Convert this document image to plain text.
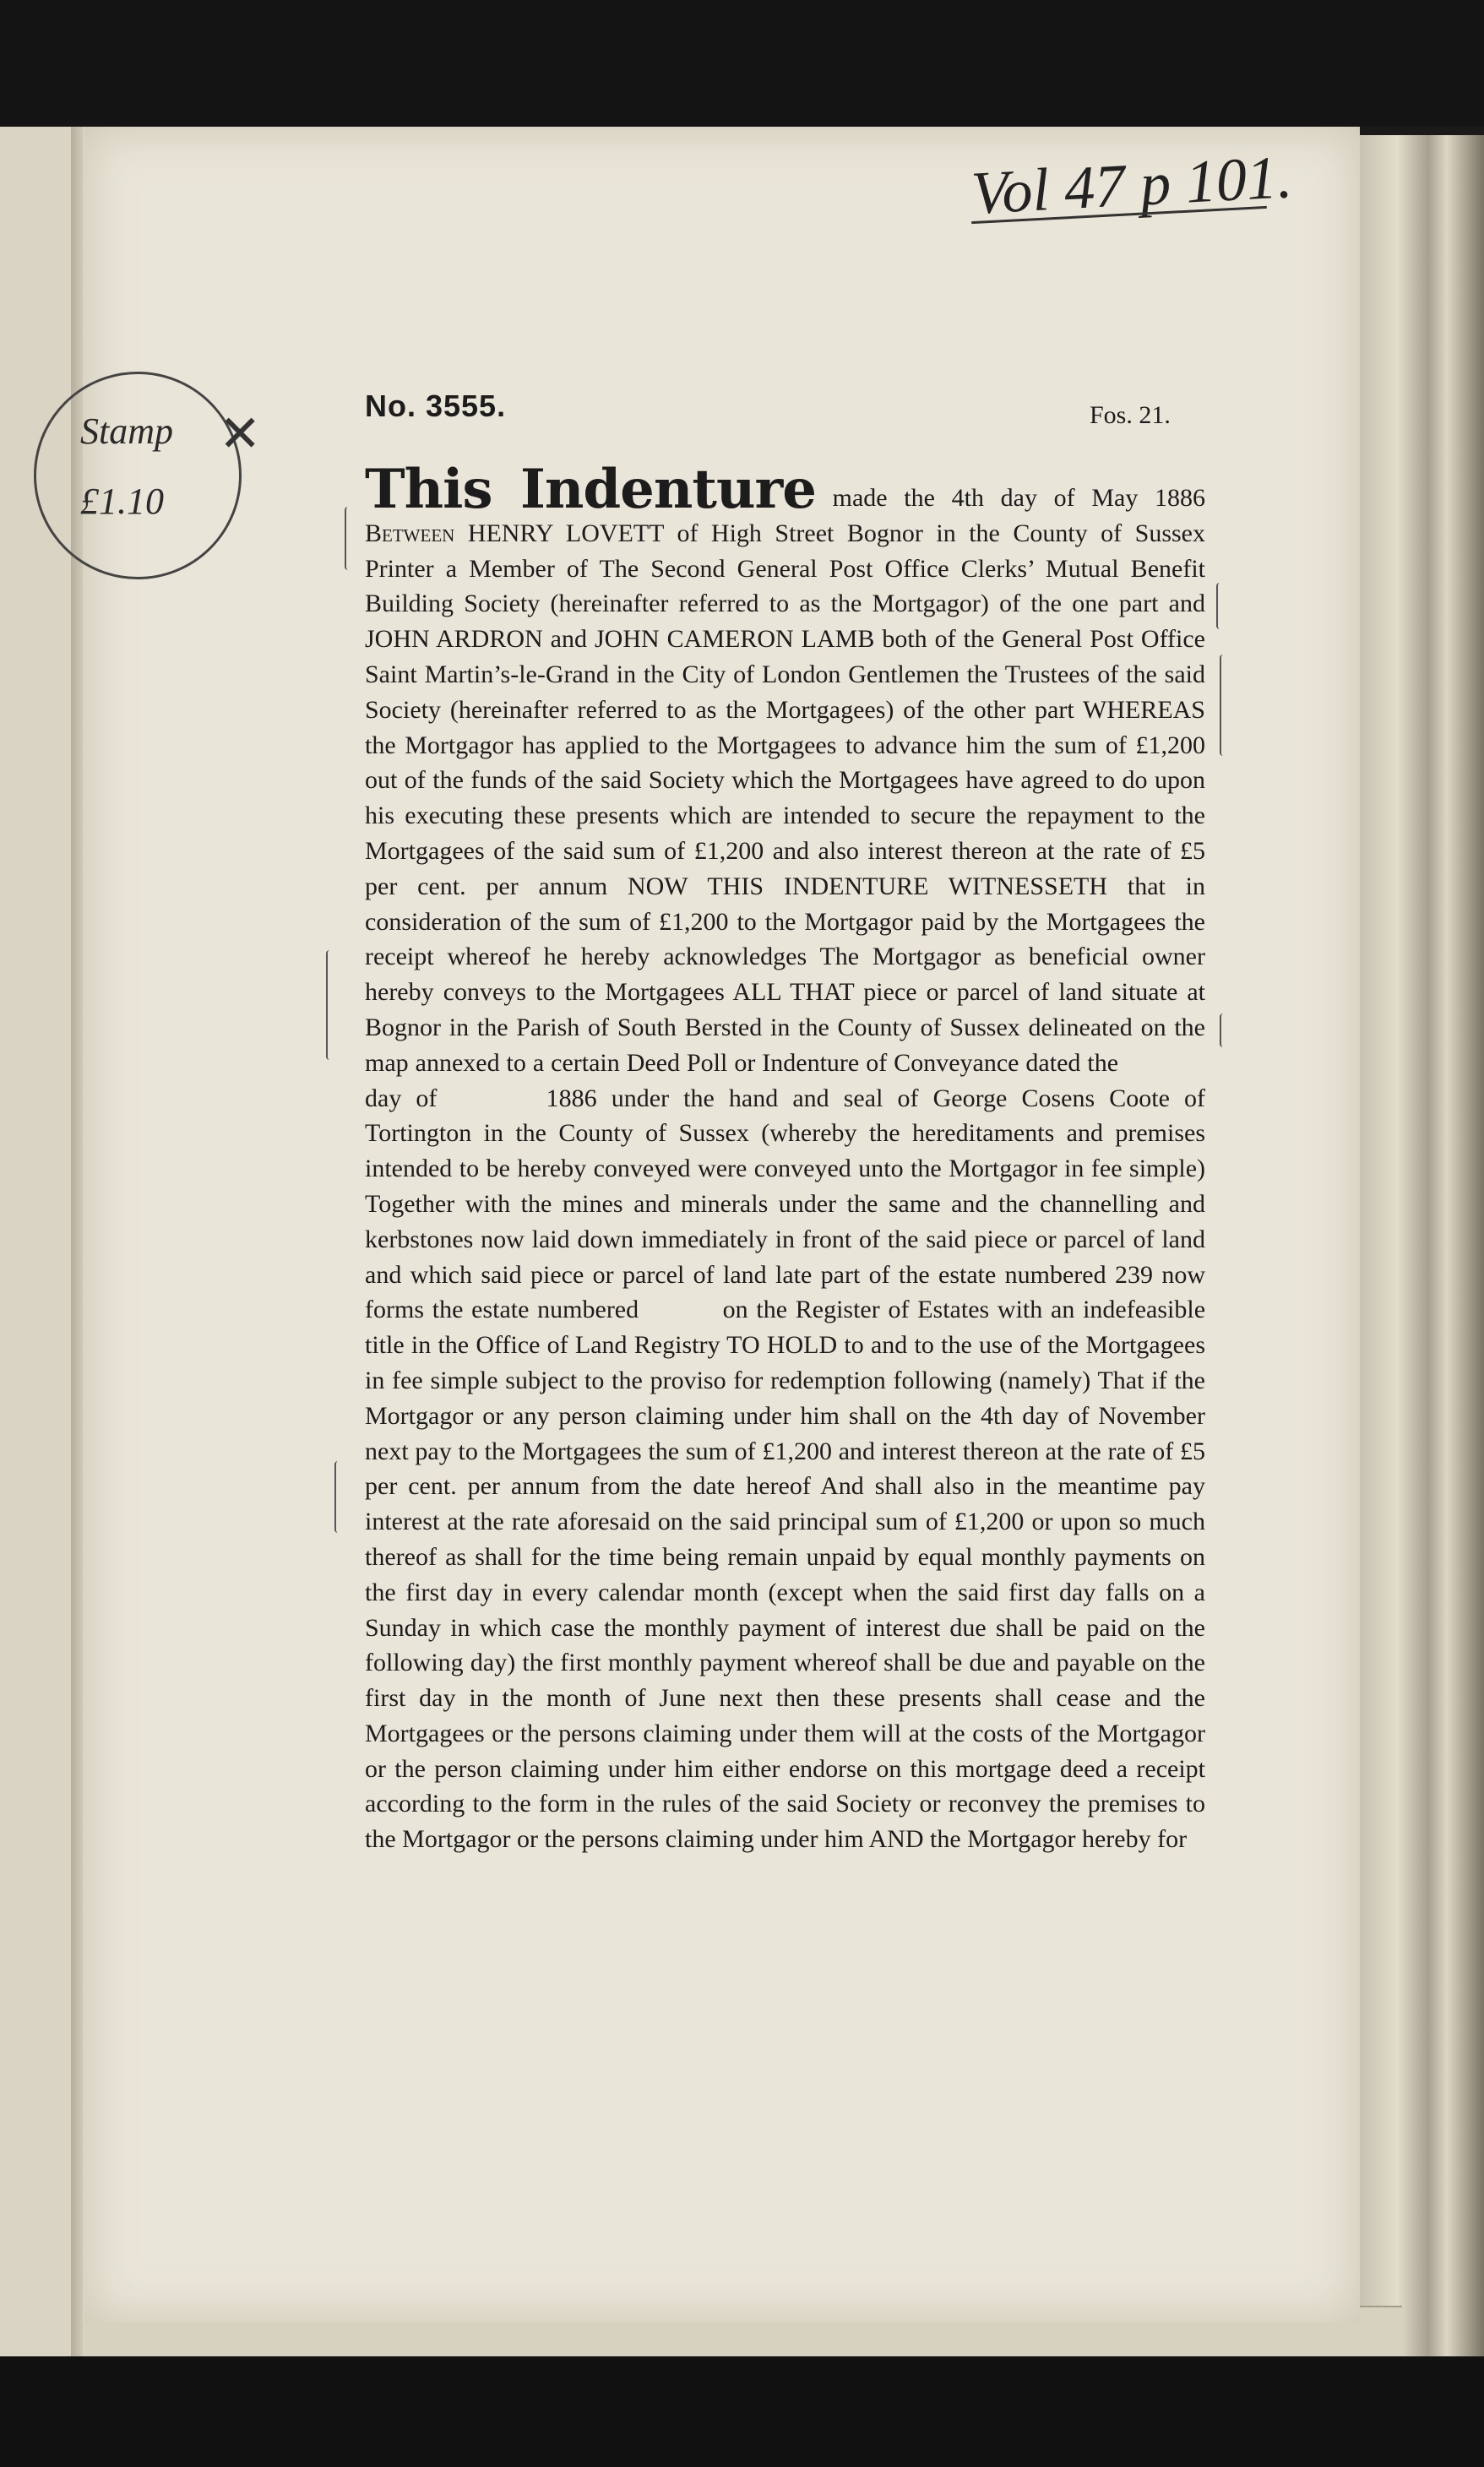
Vol 47 p 101.
Stamp
£1.10
✕
No. 3555.	Fos. 21.
This Indenture made the 4th day of May 1886 Between HENRY LOVETT of High Street Bognor in the County of Sussex Printer a Member of The Second General Post Office Clerks’ Mutual Benefit Building Society (hereinafter referred to as the Mortgagor) of the one part and JOHN ARDRON and JOHN CAMERON LAMB both of the General Post Office Saint Martin’s-le-Grand in the City of London Gentlemen the Trustees of the said Society (hereinafter referred to as the Mortgagees) of the other part WHEREAS the Mortgagor has applied to the Mortgagees to advance him the sum of £1,200 out of the funds of the said Society which the Mortgagees have agreed to do upon his executing these presents which are intended to secure the repayment to the Mortgagees of the said sum of £1,200 and also interest thereon at the rate of £5 per cent. per annum NOW THIS INDENTURE WITNESSETH that in consideration of the sum of £1,200 to the Mortgagor paid by the Mortgagees the receipt whereof he hereby acknowledges The Mortgagor as beneficial owner hereby conveys to the Mortgagees ALL THAT piece or parcel of land situate at Bognor in the Parish of South Bersted in the County of Sussex delineated on the map annexed to a certain Deed Poll or Indenture of Conveyance dated the  day of	1886 under the hand and seal of George Cosens Coote of Tortington in the County of Sussex (whereby the hereditaments and premises intended to be hereby conveyed were conveyed unto the Mortgagor in fee simple) Together with the mines and minerals under the same and the channelling and kerbstones now laid down immediately in front of the said piece or parcel of land and which said piece or parcel of land late part of the estate numbered 239 now forms the estate numbered	on the Register of Estates with an indefeasible title in the Office of Land Registry TO HOLD to and to the use of the Mortgagees in fee simple subject to the proviso for redemption following (namely) That if the Mortgagor or any person claiming under him shall on the 4th day of November next pay to the Mortgagees the sum of £1,200 and interest thereon at the rate of £5 per cent. per annum from the date hereof And shall also in the meantime pay interest at the rate aforesaid on the said principal sum of £1,200 or upon so much thereof as shall for the time being remain unpaid by equal monthly payments on the first day in every calendar month (except when the said first day falls on a Sunday in which case the monthly payment of interest due shall be paid on the following day) the first monthly payment whereof shall be due and payable on the first day in the month of June next then these presents shall cease and the Mortgagees or the persons claiming under them will at the costs of the Mortgagor or the person claiming under him either endorse on this mortgage deed a receipt according to the form in the rules of the said Society or reconvey the premises to the Mortgagor or the persons claiming under him AND the Mortgagor hereby for
